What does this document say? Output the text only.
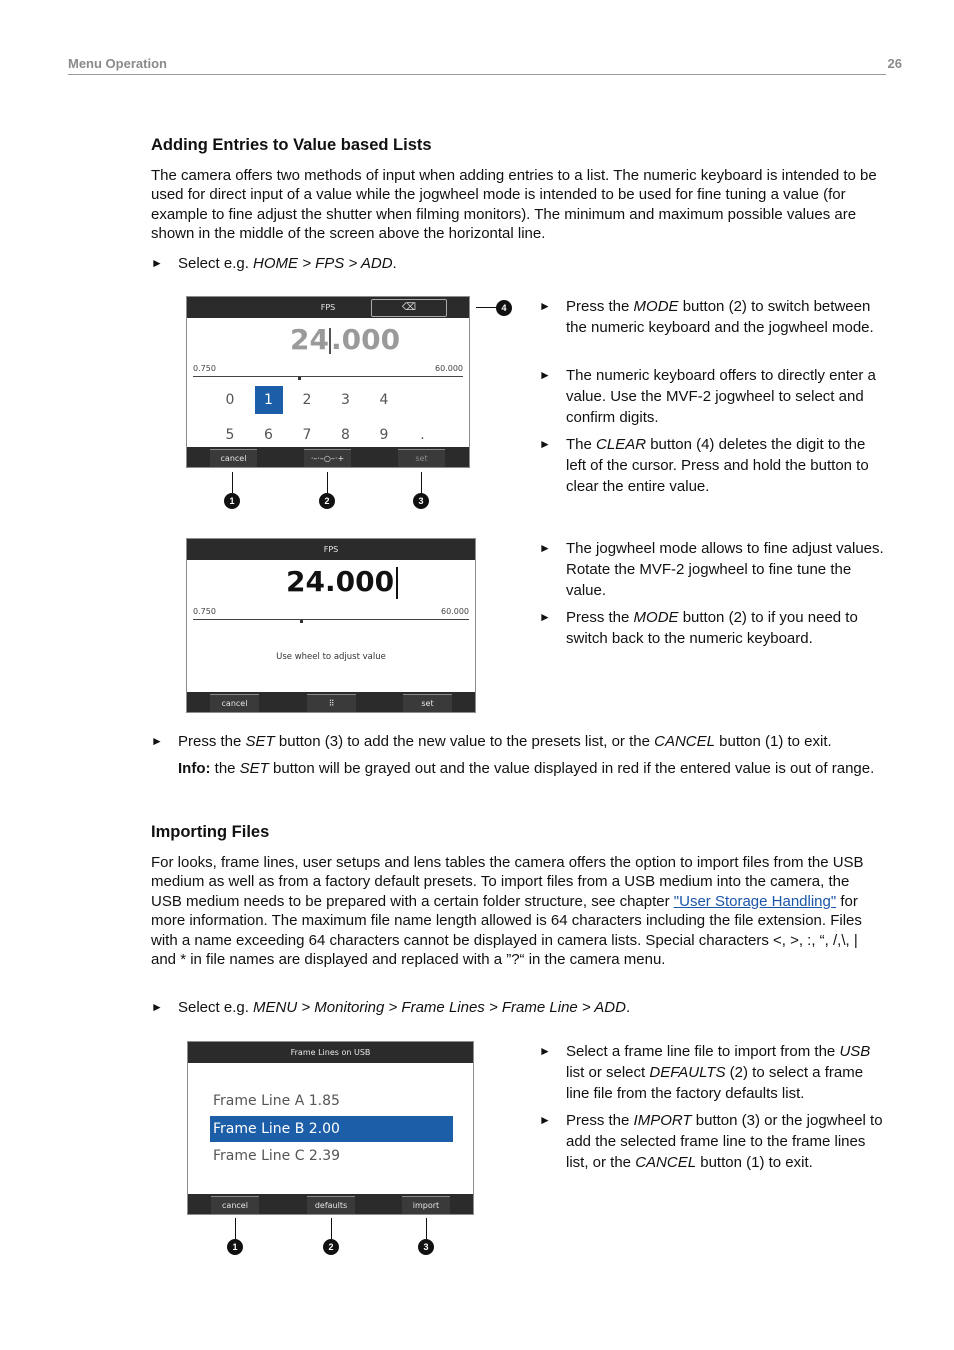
Menu Operation	26
Adding Entries to Value based Lists
The camera offers two methods of input when adding entries to a list. The numeric keyboard is intended to be used for direct input of a value while the jogwheel mode is intended to be used for fine tuning a value (for example to fine adjust the shutter when filming monitors). The minimum and maximum possible values are shown in the middle of the screen above the horizontal line.
► Select e.g. HOME > FPS > ADD.
FPS	⌫
24.000
0.750	60.000
0	1	2	3	4
5	6	7	8	9	.
cancel	·–·–○–·+	set
4
1	2	3
► Press the MODE button (2) to switch between the numeric keyboard and the jogwheel mode.
► The numeric keyboard offers to directly enter a value. Use the MVF-2 jogwheel to select and confirm digits.
► The CLEAR button (4) deletes the digit to the left of the cursor. Press and hold the button to clear the entire value.
FPS
24.000
0.750	60.000
Use wheel to adjust value
cancel	⠿	set
► The jogwheel mode allows to fine adjust values. Rotate the MVF-2 jogwheel to fine tune the value.
► Press the MODE button (2) to if you need to switch back to the numeric keyboard.
► Press the SET button (3) to add the new value to the presets list, or the CANCEL button (1) to exit.
Info: the SET button will be grayed out and the value displayed in red if the entered value is out of range.
Importing Files
For looks, frame lines, user setups and lens tables the camera offers the option to import files from the USB medium as well as from a factory default presets. To import files from a USB medium into the camera, the USB medium needs to be prepared with a certain folder structure, see chapter "User Storage Handling" for more information. The maximum file name length allowed is 64 characters including the file extension. Files with a name exceeding 64 characters cannot be displayed in camera lists. Special characters <, >, :, “, /,\, | and * in file names are displayed and replaced with a ”?“ in the camera menu.
► Select e.g. MENU > Monitoring > Frame Lines > Frame Line > ADD.
Frame Lines on USB
Frame Line A 1.85
Frame Line B 2.00
Frame Line C 2.39
cancel	defaults	import
1	2	3
► Select a frame line file to import from the USB list or select DEFAULTS (2) to select a frame line file from the factory defaults list.
► Press the IMPORT button (3) or the jogwheel to add the selected frame line to the frame lines list, or the CANCEL button (1) to exit.
